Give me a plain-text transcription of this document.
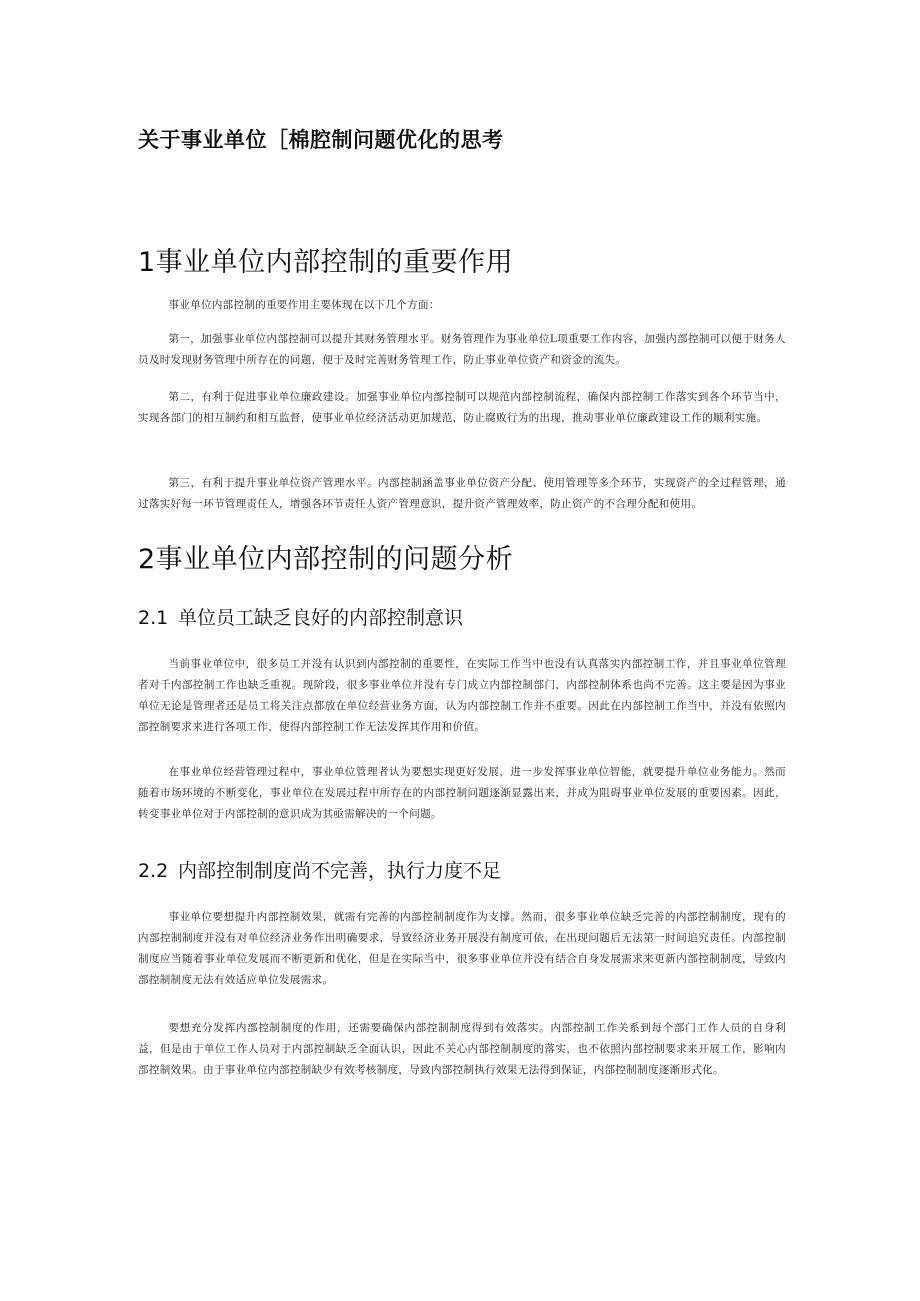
关于事业单位［棉腔制问题优化的思考
1事业单位内部控制的重要作用

事业单位内部控制的重要作用主要体现在以下几个方面：

第一，加强事业单位内部控制可以提升其财务管理水平。财务管理作为事业单位L项重要工作内容，加强内部控制可以便于财务人员及时发现财务管理中所存在的问题，便于及时完善财务管理工作，防止事业单位资产和资金的流失。

第二，有利于促进事业单位廉政建设。加强事业单位内部控制可以规范内部控制流程，确保内部控制工作落实到各个环节当中，实现各部门的相互制约和相互监督，使事业单位经济活动更加规范，防止腐败行为的出现，推动事业单位廉政建设工作的顺利实施。

第三，有利于提升事业单位资产管理水平。内部控制涵盖事业单位资产分配、使用管理等多个环节，实现资产的全过程管理，通过落实好每一环节管理责任人，增强各环节责任人资产管理意识，提升资产管理效率，防止资产的不合理分配和使用。

2事业单位内部控制的问题分析
2.1 单位员工缺乏良好的内部控制意识

当前事业单位中，很多员工并没有认识到内部控制的重要性，在实际工作当中也没有认真落实内部控制工作，并且事业单位管理者对千内部控制工作也缺乏重视。现阶段，很多事业单位并没有专门成立内部控制部门，内部控制体系也尚不完善。这主要是因为事业单位无论是管理者还是员工将关注点都放在单位经营业务方面，认为内部控制工作并不重要。因此在内部控制工作当中，并没有依照内部控制要求来进行各项工作，使得内部控制工作无法发挥其作用和价值。

在事业单位经营管理过程中，事业单位管理者认为要想实现更好发展，进一步发挥事业单位智能，就要提升单位业务能力。然而随着市场环境的不断变化，事业单位在发展过程中所存在的内部控制问题逐渐显露出来，并成为阻碍事业单位发展的重要因素。因此，转变事业单位对于内部控制的意识成为其亟需解决的一个问题。

2.2 内部控制制度尚不完善，执行力度不足

事业单位要想提升内部控制效果，就需有完善的内部控制制度作为支撑。然而，很多事业单位缺乏完善的内部控制制度，现有的内部控制制度并没有对单位经济业务作出明确要求，导致经济业务开展没有制度可依，在出现问题后无法第一时间追究责任。内部控制制度应当随着事业单位发展而不断更新和优化，但是在实际当中，很多事业单位并没有结合自身发展需求来更新内部控制制度，导致内部控制制度无法有效适应单位发展需求。

要想充分发挥内部控制制度的作用，还需要确保内部控制制度得到有效落实。内部控制工作关系到每个部门工作人员的自身利益，但是由于单位工作人员对于内部控制缺乏全面认识，因此不关心内部控制制度的落实，也不依照内部控制要求来开展工作，影响内部控制效果。由于事业单位内部控制缺少有效考核制度，导致内部控制执行效果无法得到保证，内部控制制度逐渐形式化。
